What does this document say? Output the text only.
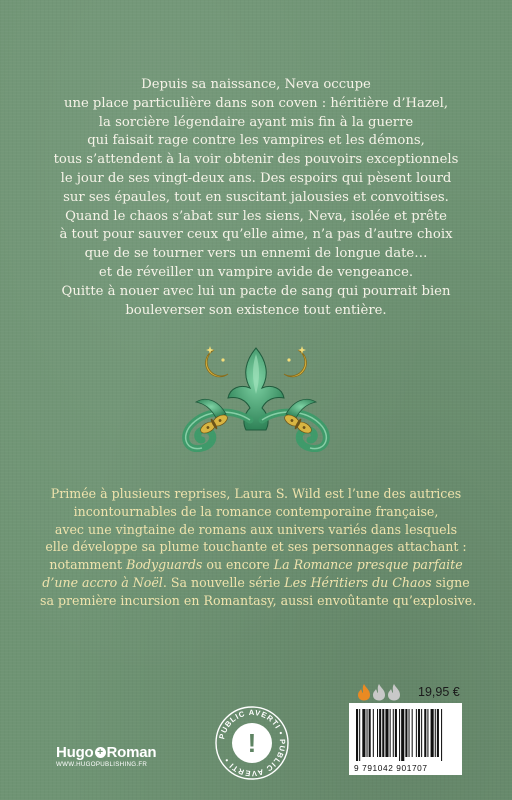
Depuis sa naissance, Neva occupe
une place particulière dans son coven : héritière d’Hazel,
la sorcière légendaire ayant mis fin à la guerre
qui faisait rage contre les vampires et les démons,
tous s’attendent à la voir obtenir des pouvoirs exceptionnels
le jour de ses vingt-deux ans. Des espoirs qui pèsent lourd
sur ses épaules, tout en suscitant jalousies et convoitises.
Quand le chaos s’abat sur les siens, Neva, isolée et prête
à tout pour sauver ceux qu’elle aime, n’a pas d’autre choix
que de se tourner vers un ennemi de longue date…
et de réveiller un vampire avide de vengeance.
Quitte à nouer avec lui un pacte de sang qui pourrait bien
bouleverser son existence tout entière.
Primée à plusieurs reprises, Laura S. Wild est l’une des autrices
incontournables de la romance contemporaine française,
avec une vingtaine de romans aux univers variés dans lesquels
elle développe sa plume touchante et ses personnages attachant :
notamment Bodyguards ou encore La Romance presque parfaite
d’une accro à Noël. Sa nouvelle série Les Héritiers du Chaos signe
sa première incursion en Romantasy, aussi envoûtante qu’explosive.
19,95 €
Hugo + Roman
WWW.HUGOPUBLISHING.FR
PUBLIC AVERTI • PUBLIC AVERTI •
!
9 791042 901707
